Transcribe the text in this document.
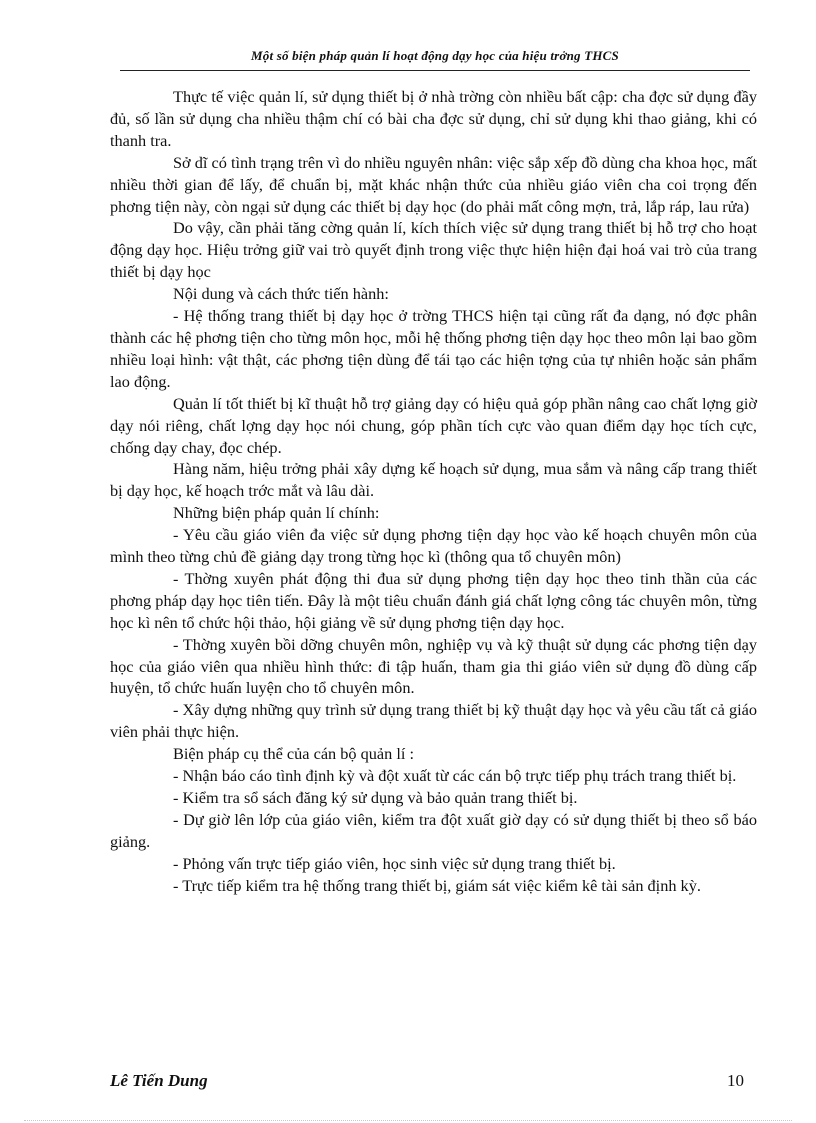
Một số biện pháp quản lí hoạt động dạy học của hiệu trởng THCS

Thực tế việc quản lí, sử dụng thiết bị ở nhà trờng còn nhiều bất cập: cha đợc sử dụng đầy đủ, số lần sử dụng cha nhiều thậm chí có bài cha đợc sử dụng, chỉ sử dụng khi thao giảng, khi có thanh tra.

Sở dĩ có tình trạng trên vì do nhiều nguyên nhân: việc sắp xếp đồ dùng cha khoa học, mất nhiều thời gian để lấy, để chuẩn bị, mặt khác nhận thức của nhiều giáo viên cha coi trọng đến phơng tiện này, còn ngại sử dụng các thiết bị dạy học (do phải mất công mợn, trả, lắp ráp, lau rửa)

Do vậy, cần phải tăng cờng quản lí, kích thích việc sử dụng trang thiết bị hỗ trợ cho hoạt động dạy học. Hiệu trởng giữ vai trò quyết định trong việc thực hiện hiện đại hoá vai trò của trang thiết bị dạy học

Nội dung và cách thức tiến hành:

- Hệ thống trang thiết bị dạy học ở trờng THCS hiện tại cũng rất đa dạng, nó đợc phân thành các hệ phơng tiện cho từng môn học, mỗi hệ thống phơng tiện dạy học theo môn lại bao gồm nhiều loại hình: vật thật, các phơng tiện dùng để tái tạo các hiện tợng của tự nhiên hoặc sản phẩm lao động.

Quản lí tốt thiết bị kĩ thuật hỗ trợ giảng dạy có hiệu quả góp phần nâng cao chất lợng giờ dạy nói riêng, chất lợng dạy học nói chung, góp phần tích cực vào quan điểm dạy học tích cực, chống dạy chay, đọc chép.

Hàng năm, hiệu trởng phải xây dựng kế hoạch sử dụng, mua sắm và nâng cấp trang thiết bị dạy học, kế hoạch trớc mắt và lâu dài.

Những biện pháp quản lí chính:

- Yêu cầu giáo viên đa việc sử dụng phơng tiện dạy học vào kế hoạch chuyên môn của mình theo từng chủ đề giảng dạy trong từng học kì (thông qua tổ chuyên môn)

- Thờng xuyên phát động thi đua sử dụng phơng tiện dạy học theo tinh thần của các phơng pháp dạy học tiên tiến. Đây là một tiêu chuẩn đánh giá chất lợng công tác chuyên môn, từng học kì nên tổ chức hội thảo, hội giảng về sử dụng phơng tiện dạy học.

- Thờng xuyên bồi dỡng chuyên môn, nghiệp vụ và kỹ thuật sử dụng các phơng tiện dạy học của giáo viên qua nhiều hình thức: đi tập huấn, tham gia thi giáo viên sử dụng đồ dùng cấp huyện, tổ chức huấn luyện cho tổ chuyên môn.

- Xây dựng những quy trình sử dụng trang thiết bị kỹ thuật dạy học và yêu cầu tất cả giáo viên phải thực hiện.

Biện pháp cụ thể của cán bộ quản lí :

- Nhận báo cáo tình định kỳ và đột xuất từ các cán bộ trực tiếp phụ trách trang thiết bị.

- Kiểm tra sổ sách đăng ký sử dụng và bảo quản trang thiết bị.

- Dự giờ lên lớp của giáo viên, kiểm tra đột xuất giờ dạy có sử dụng thiết bị theo sổ báo giảng.

- Phỏng vấn trực tiếp giáo viên, học sinh việc sử dụng trang thiết bị.

- Trực tiếp kiểm tra hệ thống trang thiết bị, giám sát việc kiểm kê tài sản định kỳ.

Lê Tiến Dung	10
